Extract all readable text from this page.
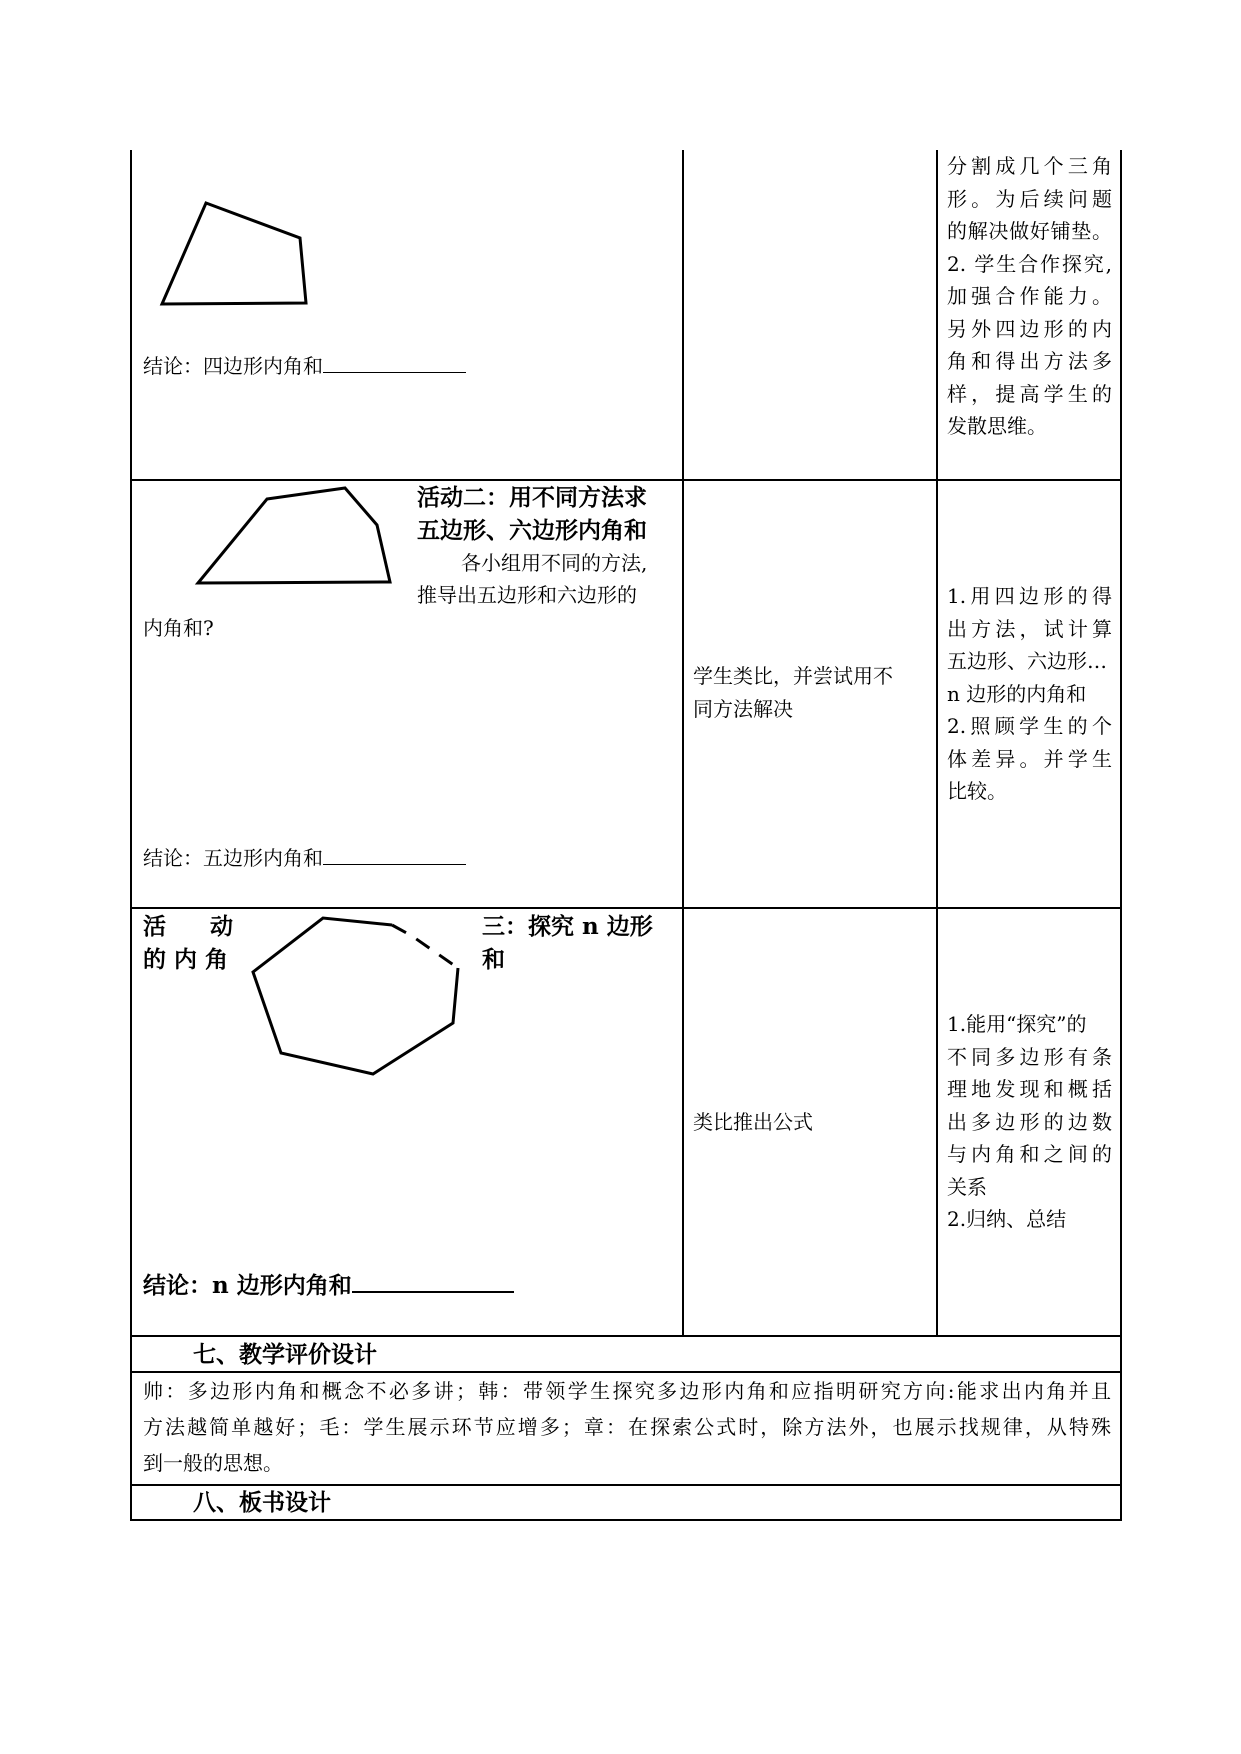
结论：四边形内角和
分割成几个三角
形。为后续问题
的解决做好铺垫。
2. 学生合作探究,
加强合作能力。
另外四边形的内
角和得出方法多
样，提高学生的
发散思维。
活动二：用不同方法求
五边形、六边形内角和
各小组用不同的方法,
推导出五边形和六边形的
内角和?
结论：五边形内角和
学生类比，并尝试用不
同方法解决
1.用四边形的得
出方法，试计算
五边形、六边形…
n 边形的内角和
2.照顾学生的个
体差异。并学生
比较。
活 动
的 内 角
三：探究 n 边形
和
结论：n 边形内角和
类比推出公式
1.能用“探究”的
不同多边形有条
理地发现和概括
出多边形的边数
与内角和之间的
关系
2.归纳、总结
七、教学评价设计
帅：多边形内角和概念不必多讲；韩：带领学生探究多边形内角和应指明研究方向:能求出内角并且
方法越简单越好；毛：学生展示环节应增多；章：在探索公式时，除方法外，也展示找规律，从特殊
到一般的思想。
八、板书设计
